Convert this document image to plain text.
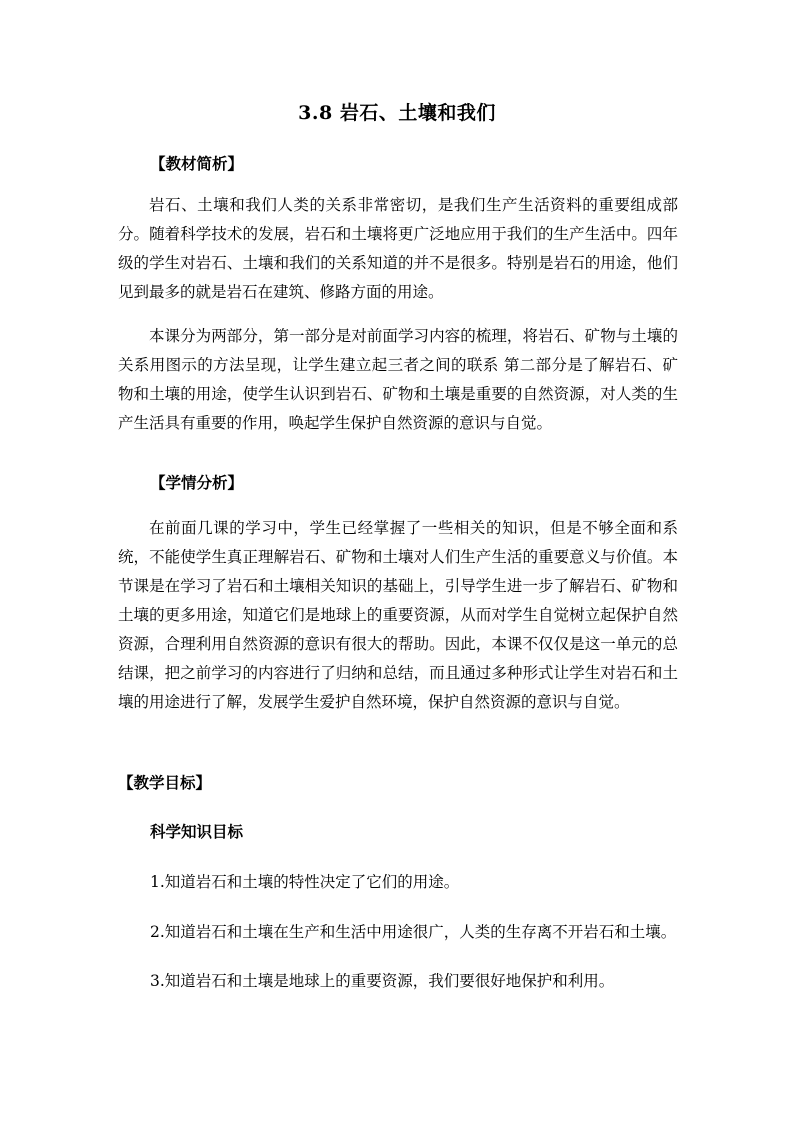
3.8 岩石、土壤和我们
【教材简析】

岩石、土壤和我们人类的关系非常密切，是我们生产生活资料的重要组成部分。随着科学技术的发展，岩石和土壤将更广泛地应用于我们的生产生活中。四年级的学生对岩石、土壤和我们的关系知道的并不是很多。特别是岩石的用途，他们见到最多的就是岩石在建筑、修路方面的用途。

本课分为两部分，第一部分是对前面学习内容的梳理，将岩石、矿物与土壤的关系用图示的方法呈现，让学生建立起三者之间的联系 第二部分是了解岩石、矿物和土壤的用途，使学生认识到岩石、矿物和土壤是重要的自然资源，对人类的生产生活具有重要的作用，唤起学生保护自然资源的意识与自觉。

【学情分析】

在前面几课的学习中，学生已经掌握了一些相关的知识，但是不够全面和系统，不能使学生真正理解岩石、矿物和土壤对人们生产生活的重要意义与价值。本节课是在学习了岩石和土壤相关知识的基础上，引导学生进一步了解岩石、矿物和土壤的更多用途，知道它们是地球上的重要资源，从而对学生自觉树立起保护自然资源，合理利用自然资源的意识有很大的帮助。因此，本课不仅仅是这一单元的总结课，把之前学习的内容进行了归纳和总结，而且通过多种形式让学生对岩石和土壤的用途进行了解，发展学生爱护自然环境，保护自然资源的意识与自觉。

【教学目标】
科学知识目标
1.知道岩石和土壤的特性决定了它们的用途。
2.知道岩石和土壤在生产和生活中用途很广，人类的生存离不开岩石和土壤。
3.知道岩石和土壤是地球上的重要资源，我们要很好地保护和利用。
